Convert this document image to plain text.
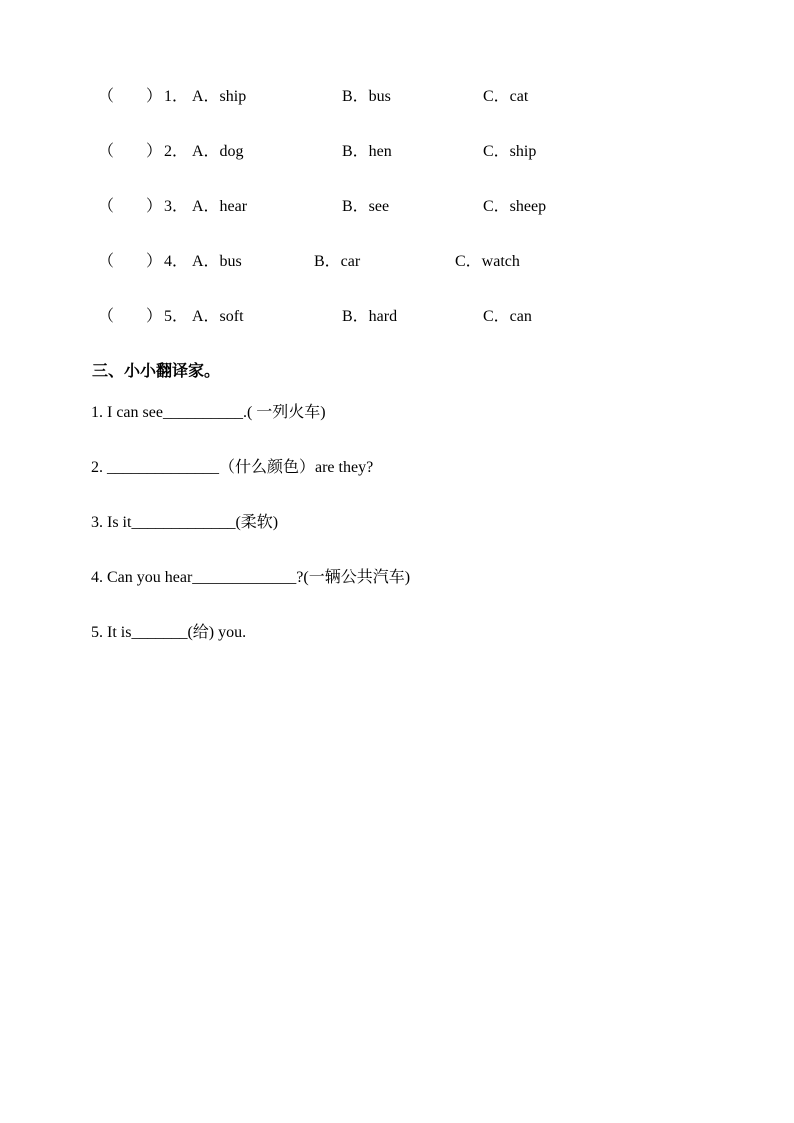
（　　） 1． A．ship	B．bus	C．cat
（　　） 2． A．dog	B．hen	C．ship
（　　） 3． A．hear	B．see	C．sheep
（　　） 4． A．bus	B．car	C．watch
（　　） 5． A．soft	B．hard	C．can
三、小小翻译家。
1. I can see__________.( 一列火车)
2. ______________（什么颜色）are they?
3. Is it_____________(柔软)
4. Can you hear_____________?(一辆公共汽车)
5. It is_______(给) you.
